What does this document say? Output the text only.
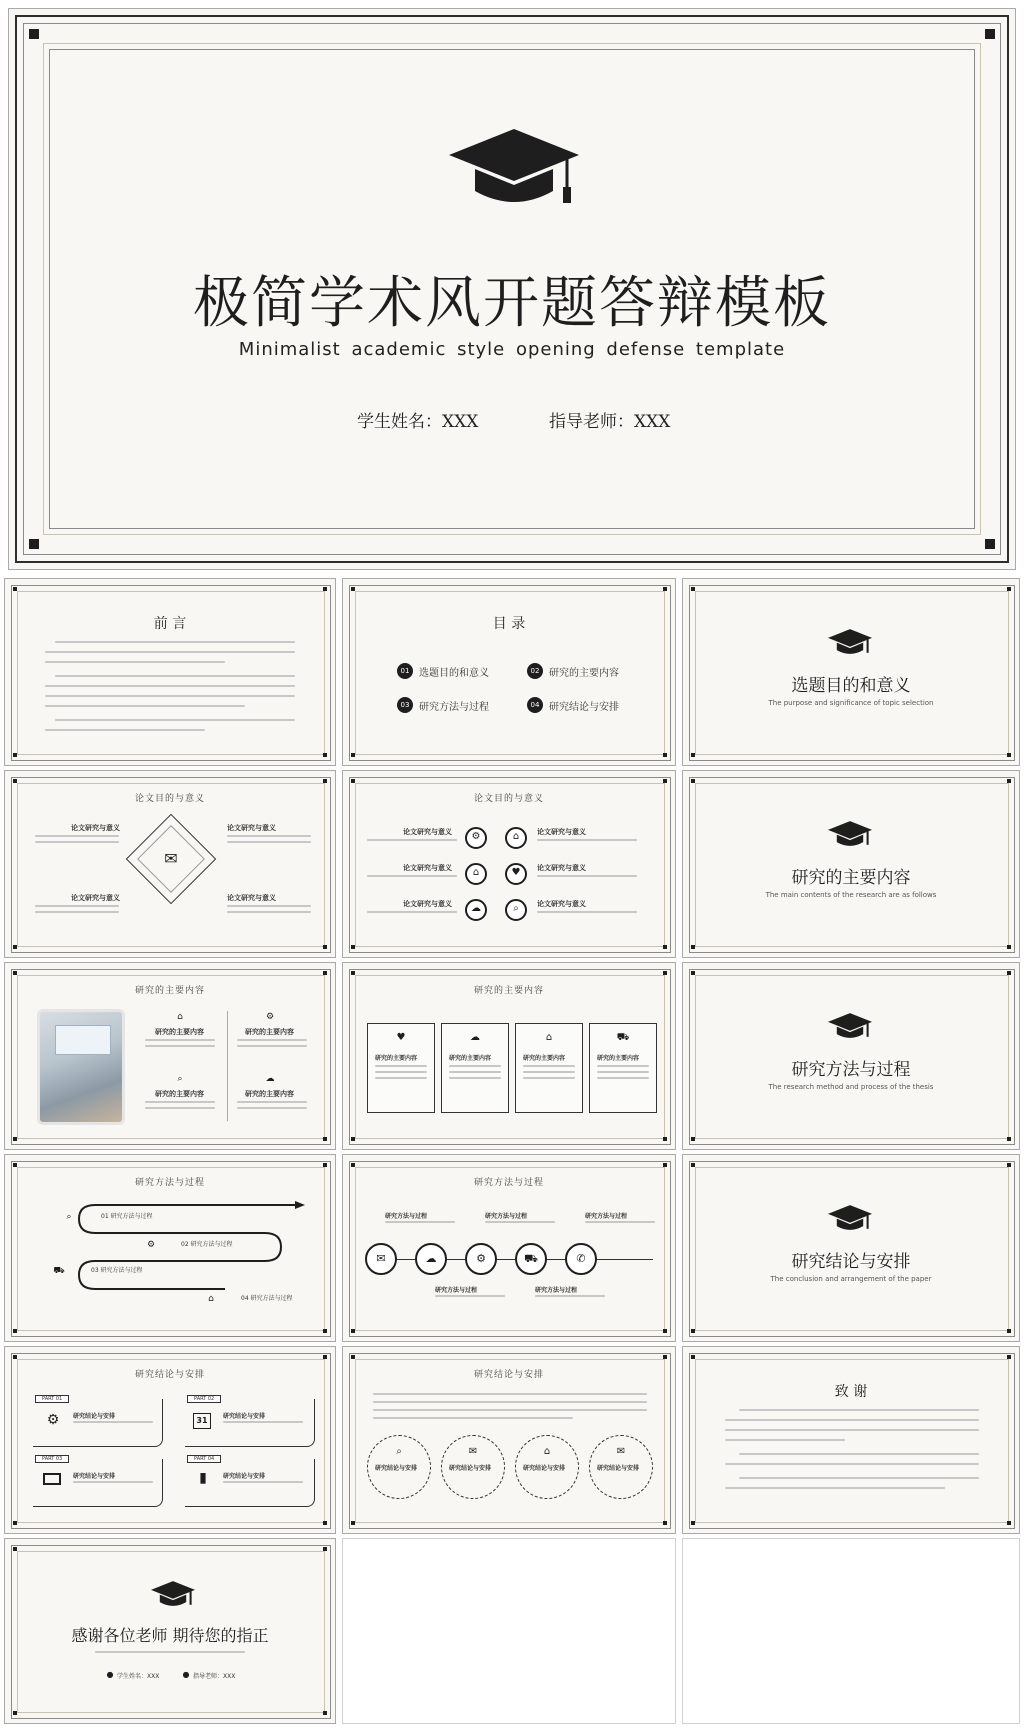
极简学术风开题答辩模板
Minimalist academic style opening defense template
学生姓名：XXX	指导老师：XXX
前 言	目 录
01 选题目的和意义	02 研究的主要内容
03 研究方法与过程	04 研究结论与安排
选题目的和意义
The purpose and significance of topic selection
论文目的与意义
✉
论文研究与意义	论文研究与意义
论文研究与意义	论文研究与意义
论文目的与意义
⚙	⌂
⌂	♥
☁	⌕
论文研究与意义	论文研究与意义
论文研究与意义	论文研究与意义
论文研究与意义	论文研究与意义
研究的主要内容
The main contents of the research are as follows
研究的主要内容
⌂
研究的主要内容
⚙
研究的主要内容
⌕
研究的主要内容
☁
研究的主要内容
研究的主要内容
♥
研究的主要内容
☁
研究的主要内容
⌂
研究的主要内容
⛟
研究的主要内容
研究方法与过程
The research method and process of the thesis
研究方法与过程
⌕
⚙
⛟
⌂
01 研究方法与过程
02 研究方法与过程
03 研究方法与过程
04 研究方法与过程
研究方法与过程
✉	☁	⚙	⛟	✆
研究方法与过程	研究方法与过程	研究方法与过程
研究方法与过程	研究方法与过程
研究结论与安排
The conclusion and arrangement of the paper
研究结论与安排
PART 01
⚙	研究结论与安排
PART 02
31	研究结论与安排
PART 03
研究结论与安排
PART 04
▮	研究结论与安排
研究结论与安排
⌕
研究结论与安排
✉
研究结论与安排
⌂
研究结论与安排
✉
研究结论与安排
致 谢
感谢各位老师 期待您的指正
● 学生姓名：XXX	● 指导老师：XXX
